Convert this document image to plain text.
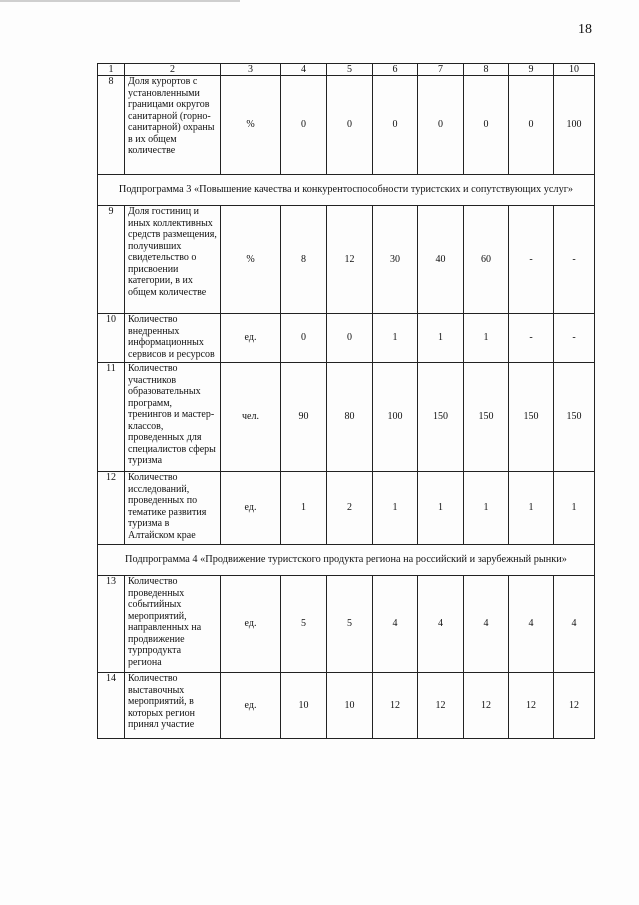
18
1	2	3	4	5	6	7	8	9	10
8	Доля курортов с установленными границами округов санитарной (горно-санитарной) охраны в их общем количестве	%	0	0	0	0	0	0	100
Подпрограмма 3 «Повышение качества и конкурентоспособности туристских и сопутствующих услуг»									
9	Доля гостиниц и иных коллективных средств размещения, получивших свидетельство о присвоении категории, в их общем количестве	%	8	12	30	40	60	-	-
10	Количество внедренных информационных сервисов и ресурсов	ед.	0	0	1	1	1	-	-
11	Количество участников образовательных программ, тренингов и мастер-классов, проведенных для специалистов сферы туризма	чел.	90	80	100	150	150	150	150
12	Количество исследований, проведенных по тематике развития туризма в Алтайском крае	ед.	1	2	1	1	1	1	1
Подпрограмма 4 «Продвижение туристского продукта региона на российский и зарубежный рынки»									
13	Количество проведенных событийных мероприятий, направленных на продвижение турпродукта региона	ед.	5	5	4	4	4	4	4
14	Количество выставочных мероприятий, в которых регион принял участие	ед.	10	10	12	12	12	12	12
